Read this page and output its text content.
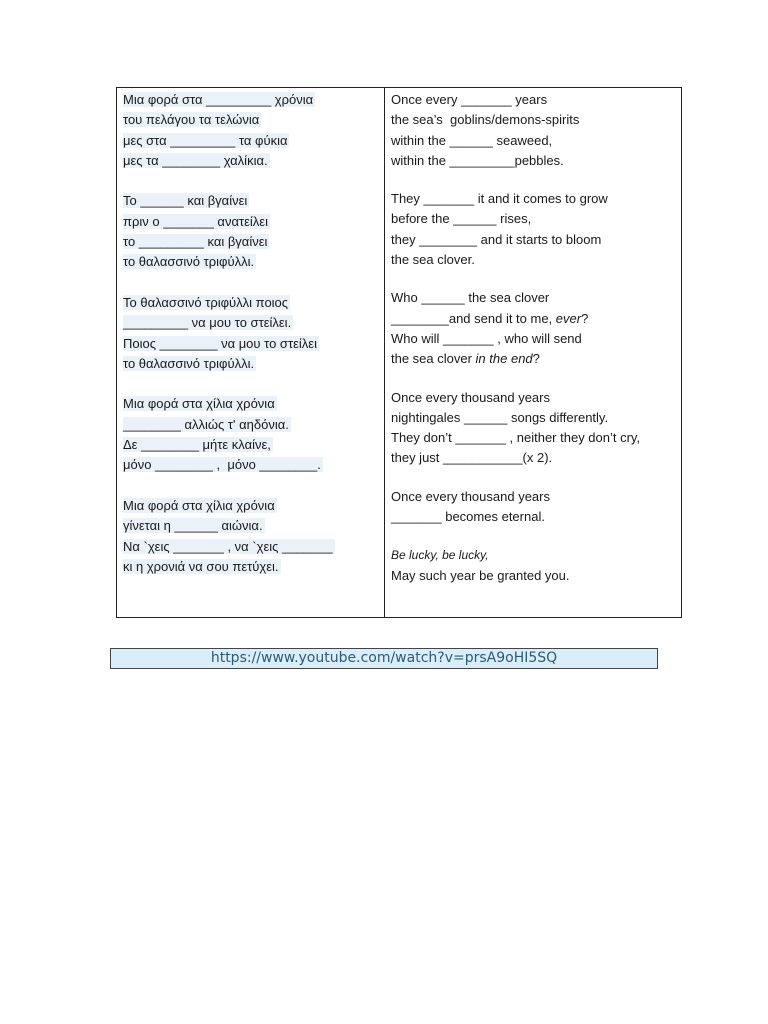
Μια φορά στα _________ χρόνια
του πελάγου τα τελώνια
μες στα _________ τα φύκια
μες τα ________ χαλίκια.
Το ______ και βγαίνει
πριν ο _______ ανατείλει
το _________ και βγαίνει
το θαλασσινό τριφύλλι.
Το θαλασσινό τριφύλλι ποιος
_________ να μου το στείλει.
Ποιος ________ να μου το στείλει
το θαλασσινό τριφύλλι.
Μια φορά στα χίλια χρόνια
________ αλλιώς τ' αηδόνια.
Δε ________ μήτε κλαίνε,
μόνο ________ ,  μόνο ________.
Μια φορά στα χίλια χρόνια
γίνεται η ______ αιώνια.
Να `χεις _______ , να `χεις _______
κι η χρονιά να σου πετύχει.
Once every _______ years
the sea’s  goblins/demons-spirits
within the ______ seaweed,
within the _________pebbles.
They _______ it and it comes to grow
before the ______ rises,
they ________ and it starts to bloom
the sea clover.
Who ______ the sea clover
________and send it to me, ever?
Who will _______ , who will send
the sea clover in the end?
Once every thousand years
nightingales ______ songs differently.
They don’t _______ , neither they don’t cry,
they just ___________(x 2).
Once every thousand years
_______ becomes eternal.
Be lucky, be lucky,
May such year be granted you.
https://www.youtube.com/watch?v=prsA9oHI5SQ
